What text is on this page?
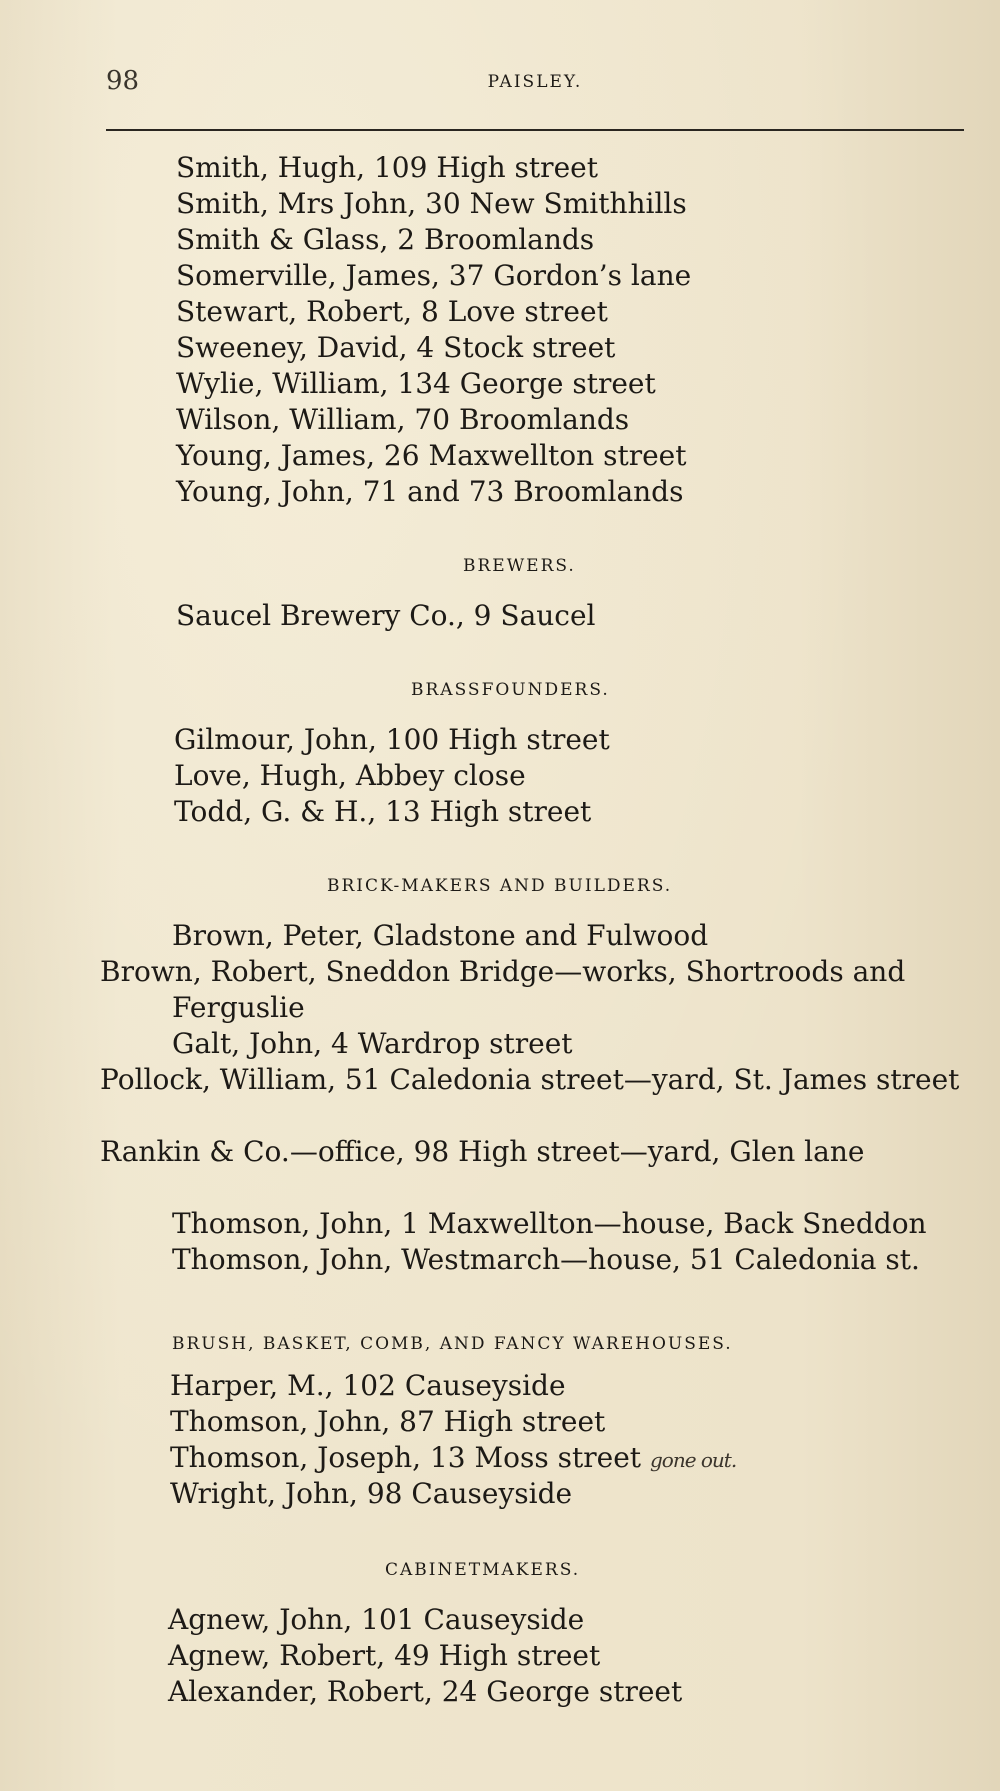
98	PAISLEY.
Smith, Hugh, 109 High street
Smith, Mrs John, 30 New Smithhills
Smith & Glass, 2 Broomlands
Somerville, James, 37 Gordon’s lane
Stewart, Robert, 8 Love street
Sweeney, David, 4 Stock street
Wylie, William, 134 George street
Wilson, William, 70 Broomlands
Young, James, 26 Maxwellton street
Young, John, 71 and 73 Broomlands
BREWERS.
Saucel Brewery Co., 9 Saucel
BRASSFOUNDERS.
Gilmour, John, 100 High street
Love, Hugh, Abbey close
Todd, G. & H., 13 High street
BRICK-MAKERS AND BUILDERS.
Brown, Peter, Gladstone and Fulwood
Brown, Robert, Sneddon Bridge—works, Shortroods and Ferguslie
Galt, John, 4 Wardrop street
Pollock, William, 51 Caledonia street—yard, St. James street
Rankin & Co.—office, 98 High street—yard, Glen lane
Thomson, John, 1 Maxwellton—house, Back Sneddon
Thomson, John, Westmarch—house, 51 Caledonia st.
BRUSH, BASKET, COMB, AND FANCY WAREHOUSES.
Harper, M., 102 Causeyside
Thomson, John, 87 High street
Thomson, Joseph, 13 Moss street gone out.
Wright, John, 98 Causeyside
CABINETMAKERS.
Agnew, John, 101 Causeyside
Agnew, Robert, 49 High street
Alexander, Robert, 24 George street
